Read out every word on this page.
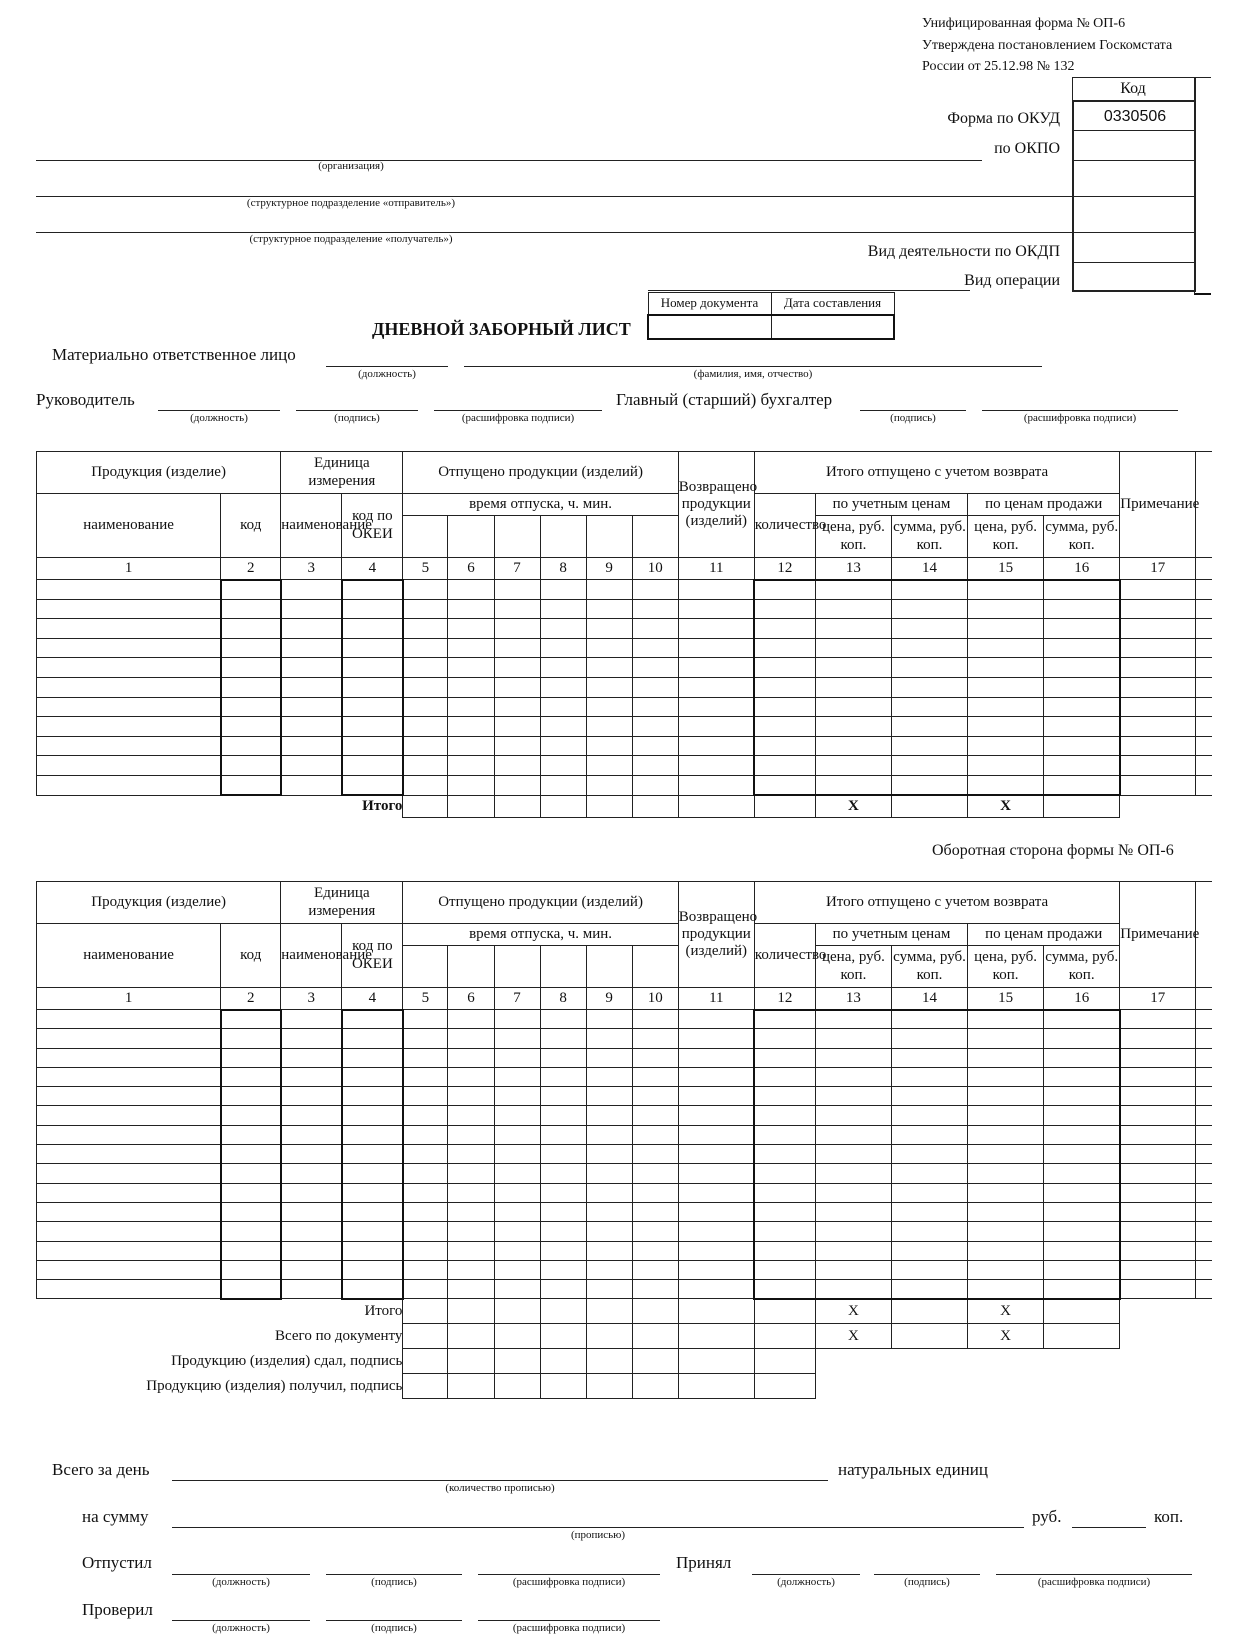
Унифицированная форма № ОП-6
Утверждена постановлением Госкомстата
России от 25.12.98 № 132
Код
0330506
Форма по ОКУД
по ОКПО
Вид деятельности по ОКДП
Вид операции
(организация)
(структурное подразделение «отправитель»)
(структурное подразделение «получатель»)
Номер документа	Дата составления

ДНЕВНОЙ ЗАБОРНЫЙ ЛИСТ
Материально ответственное лицо
(должность)	(фамилия, имя, отчество)
Руководитель
(должность)	(подпись)	(расшифровка подписи)
Главный (старший) бухгалтер
(подпись)	(расшифровка подписи)
Продукция (изделие)		Единица измерения		Отпущено продукции (изделий)						Возвращено продукции (изделий)	Итого отпущено с учетом возврата					Примечание	
наименование	код	наименование	код по ОКЕИ	время отпуска, ч. мин.							количество	по учетным ценам		по ценам продажи			
												цена, руб. коп.	сумма, руб. коп.	цена, руб. коп.	сумма, руб. коп.		
1	2	3	4	5	6	7	8	9	10	11	12	13	14	15	16	17	

Итого												X		X			
Оборотная сторона формы № ОП-6
Продукция (изделие)		Единица измерения		Отпущено продукции (изделий)						Возвращено продукции (изделий)	Итого отпущено с учетом возврата					Примечание	
наименование	код	наименование	код по ОКЕИ	время отпуска, ч. мин.							количество	по учетным ценам		по ценам продажи			
												цена, руб. коп.	сумма, руб. коп.	цена, руб. коп.	сумма, руб. коп.		
1	2	3	4	5	6	7	8	9	10	11	12	13	14	15	16	17	

Итого												X		X			
Всего по документу												X		X			
Продукцию (изделия) сдал, подпись																	
Продукцию (изделия) получил, подпись																	
Всего за день
(количество прописью)
натуральных единиц
на сумму
(прописью)
руб.	коп.
Отпустил
(должность)	(подпись)	(расшифровка подписи)
Принял
(должность)	(подпись)	(расшифровка подписи)
Проверил
(должность)	(подпись)	(расшифровка подписи)
